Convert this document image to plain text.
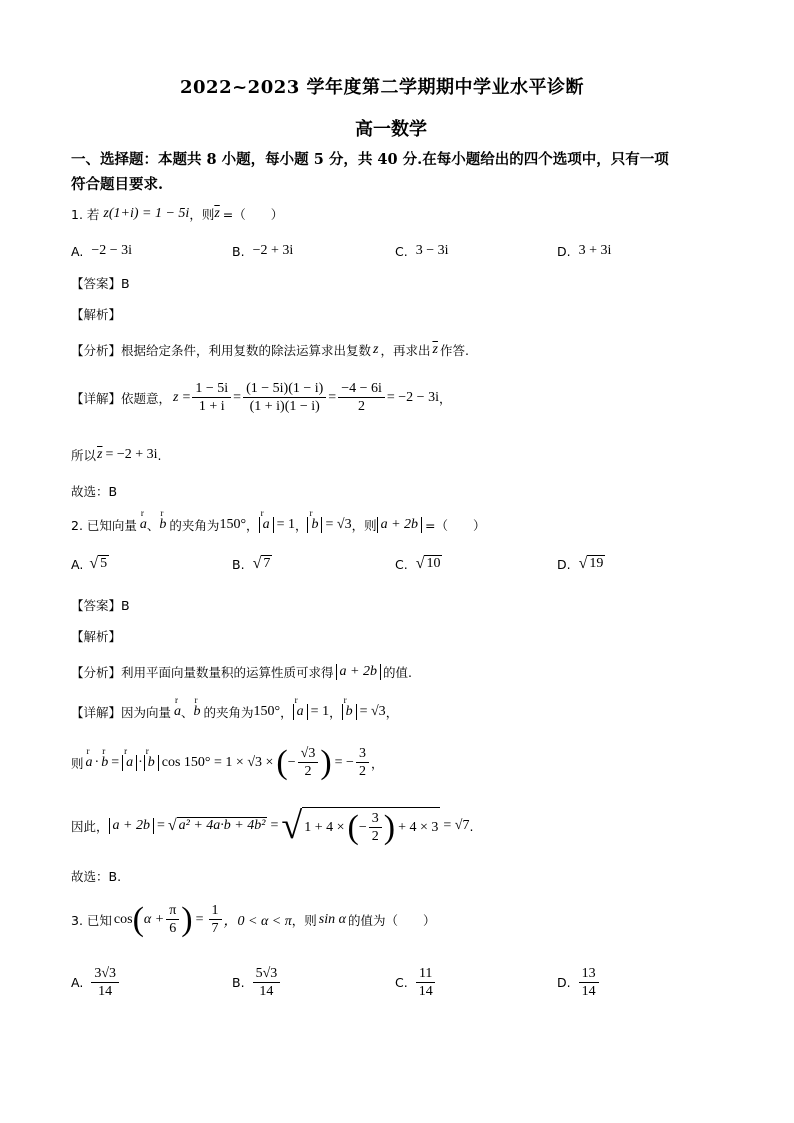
2022~2023 学年度第二学期期中学业水平诊断
高一数学
一、选择题：本题共 8 小题，每小题 5 分，共 40 分.在每小题给出的四个选项中，只有一项
符合题目要求.
1. 若 z(1+i) = 1 − 5i ，则 $\overline{z}$ =（　　）
A. −2 − 3i	B. −2 + 3i	C. 3 − 3i	D. 3 + 3i
【答案】B
【解析】
【分析】根据给定条件，利用复数的除法运算求出复数 z ，再求出 $\overline{z}$ 作答.
【详解】依题意， $z = \frac{1 - 5i}{1 + i} = \frac{(1 - 5i)(1 - i)}{(1 + i)(1 - i)} = \frac{-4 - 6i}{2} = -2 - 3i$ ，
所以 $\overline{z} = -2 + 3i$ .
故选：B
2. 已知向量 r a 、 r b 的夹角为 150° ， r a = 1 ， r b = √3 ，则 a + 2b =（　　）
A. √ 5	B. √ 7	C. √ 10	D. √ 19
【答案】B
【解析】
【分析】利用平面向量数量积的运算性质可求得 a + 2b 的值.
【详解】因为向量 r a 、 r b 的夹角为 150° ， r a = 1 ， r b = √3 ，
则 r a · r b = r a · r b cos 150° = 1 × √3 × ( − $\frac{√3}{2}$ ) = − $\frac{3}{2}$ ，
因此， a + 2b = √ a² + 4a·b + 4b² = √ 1 + 4 × ( − $\frac{3}{2}$ ) + 4 × 3 = √7 .
故选：B.
3. 已知 cos ( $\alpha + \frac{\pi}{6}$ ) = $\frac{1}{7}$ ，0 < α < π ，则 sin α 的值为（　　）
A. $\frac{3√3}{14}$	B. $\frac{5√3}{14}$	C. $\frac{11}{14}$	D. $\frac{13}{14}$
